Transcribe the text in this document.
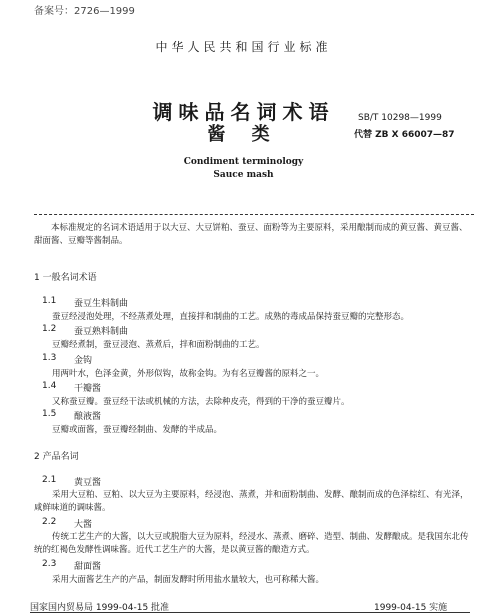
备案号：2726—1999
中华人民共和国行业标准
调味品名词术语
酱 类
SB/T 10298—1999
代替 ZB X 66007—87
Condiment terminology
Sauce mash
本标准规定的名词术语适用于以大豆、大豆饼粕、蚕豆、面粉等为主要原料，采用酿制而成的黄豆酱、黄豆酱、甜面酱、豆瓣等酱制品。
1 一般名词术语
1.1 蚕豆生料制曲
蚕豆经浸泡处理，不经蒸煮处理，直接拌和制曲的工艺。成熟的毒成品保持蚕豆瓣的完整形态。
1.2 蚕豆熟料制曲
豆瓣经煮制，蚕豆浸泡、蒸煮后，拌和面粉制曲的工艺。
1.3 金钩
用两叶水，色泽金黄，外形似钩，故称金钩。为有名豆瓣酱的原料之一。
1.4 干瓣酱
又称蚕豆瓣。蚕豆经干法或机械的方法，去除种皮壳，得到的干净的蚕豆瓣片。
1.5 酿液酱
豆瓣或面酱，蚕豆瓣经制曲、发酵的半成品。
2 产品名词
2.1 黄豆酱
采用大豆粕、豆粕、以大豆为主要原料，经浸泡、蒸煮，并和面粉制曲、发酵、酿制而成的色泽棕红、有光泽，咸鲜味道的调味酱。
2.2 大酱
传统工艺生产的大酱，以大豆或脱脂大豆为原料，经浸水、蒸煮、磨碎、造型、制曲、发酵酿成。是我国东北传统的红褐色发酵性调味酱。近代工艺生产的大酱，是以黄豆酱的酿造方式。
2.3 甜面酱
采用大面酱艺生产的产品，制面发酵时所用盐水量较大，也可称稀大酱。
国家国内贸易局 1999-04-15 批准	1999-04-15 实施
